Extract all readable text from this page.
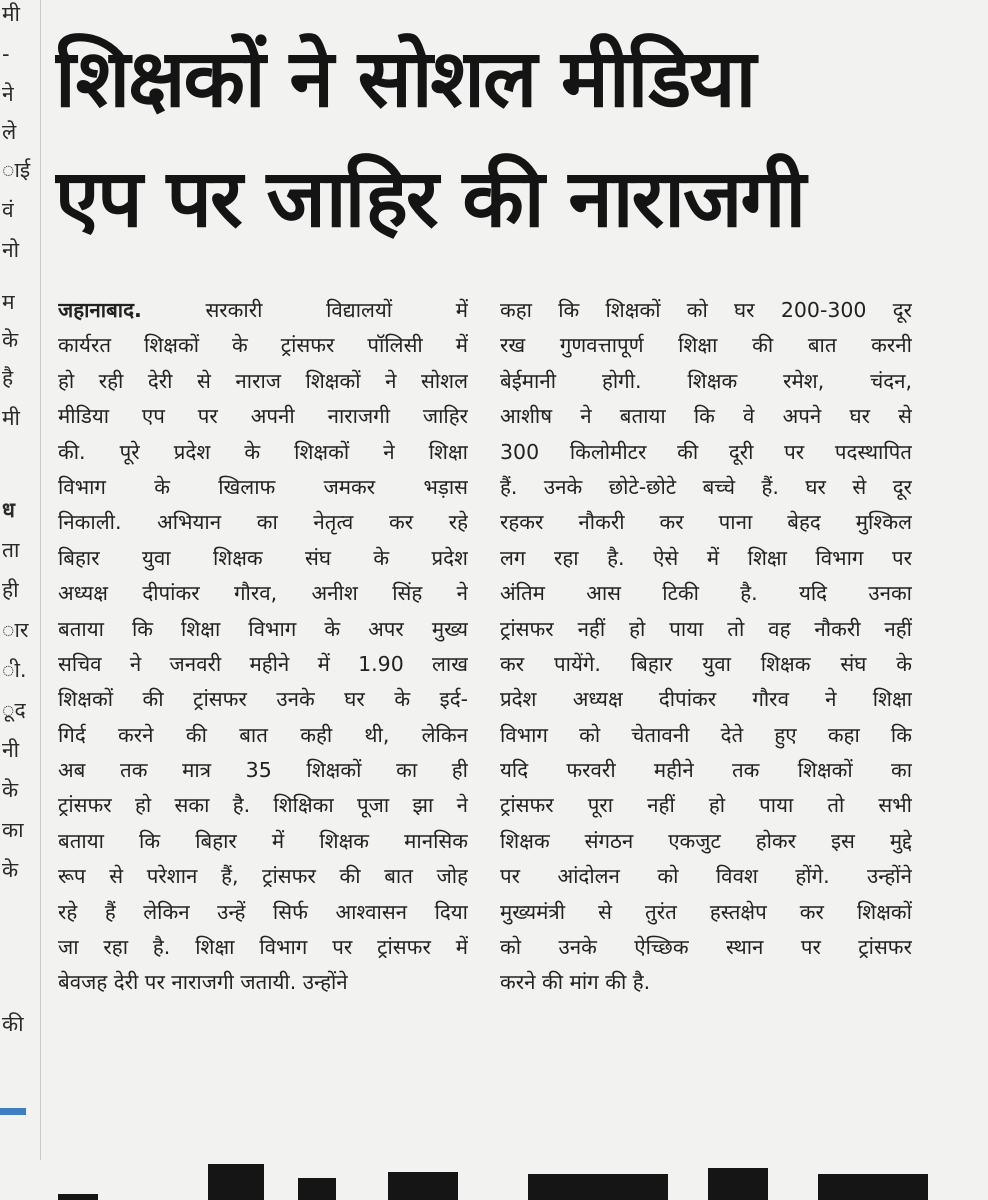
मी
-
ने
ले
ाई
वं
नो
म
के
है
मी
ध
ता
ही
ार
ी.
ूद
नी
के
का
के
की
शिक्षकों ने सोशल मीडिया
एप पर जाहिर की नाराजगी
जहानाबाद.	सरकारी विद्यालयों में
कार्यरत शिक्षकों के ट्रांसफर पॉलिसी में
हो रही देरी से नाराज शिक्षकों ने सोशल
मीडिया एप पर अपनी नाराजगी जाहिर
की. पूरे प्रदेश के शिक्षकों ने शिक्षा
विभाग के खिलाफ जमकर भड़ास
निकाली. अभियान का नेतृत्व कर रहे
बिहार युवा शिक्षक संघ के प्रदेश
अध्यक्ष दीपांकर गौरव, अनीश सिंह ने
बताया कि शिक्षा विभाग के अपर मुख्य
सचिव ने जनवरी महीने में 1.90 लाख
शिक्षकों की ट्रांसफर उनके घर के इर्द-
गिर्द करने की बात कही थी, लेकिन
अब तक मात्र 35 शिक्षकों का ही
ट्रांसफर हो सका है. शिक्षिका पूजा झा ने
बताया कि बिहार में शिक्षक मानसिक
रूप से परेशान हैं, ट्रांसफर की बात जोह
रहे हैं लेकिन उन्हें सिर्फ आश्वासन दिया
जा रहा है. शिक्षा विभाग पर ट्रांसफर में
बेवजह देरी पर नाराजगी जतायी. उन्होंने
कहा कि शिक्षकों को घर 200-300 दूर
रख गुणवत्तापूर्ण शिक्षा की बात करनी
बेईमानी होगी. शिक्षक रमेश, चंदन,
आशीष ने बताया कि वे अपने घर से
300 किलोमीटर की दूरी पर पदस्थापित
हैं. उनके छोटे-छोटे बच्चे हैं. घर से दूर
रहकर नौकरी कर पाना बेहद मुश्किल
लग रहा है. ऐसे में शिक्षा विभाग पर
अंतिम आस टिकी है. यदि उनका
ट्रांसफर नहीं हो पाया तो वह नौकरी नहीं
कर पायेंगे. बिहार युवा शिक्षक संघ के
प्रदेश अध्यक्ष दीपांकर गौरव ने शिक्षा
विभाग को चेतावनी देते हुए कहा कि
यदि फरवरी महीने तक शिक्षकों का
ट्रांसफर पूरा नहीं हो पाया तो सभी
शिक्षक संगठन एकजुट होकर इस मुद्दे
पर आंदोलन को विवश होंगे. उन्होंने
मुख्यमंत्री से तुरंत हस्तक्षेप कर शिक्षकों
को उनके ऐच्छिक स्थान पर ट्रांसफर
करने की मांग की है.
